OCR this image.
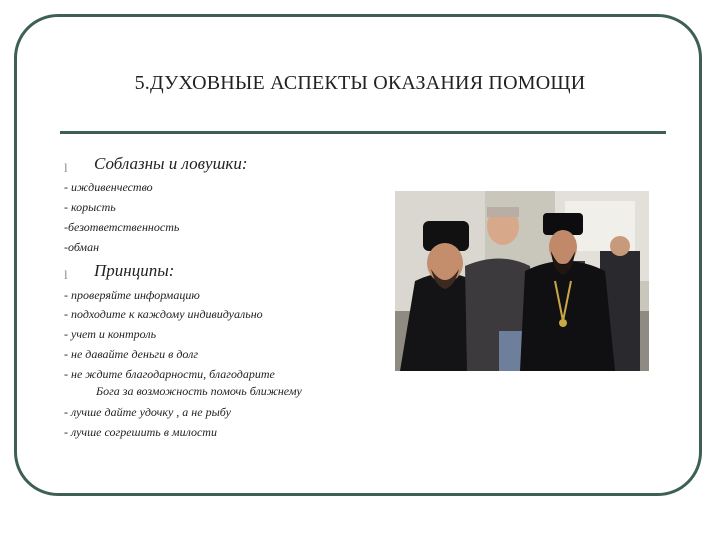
5.ДУХОВНЫЕ АСПЕКТЫ ОКАЗАНИЯ ПОМОЩИ
l Соблазны и ловушки:
- иждивенчество
- корысть
-безответственность
-обман
l Принципы:
- проверяйте информацию
- подходите к каждому индивидуально
- учет и контроль
- не давайте деньги в долг
- не ждите благодарности, благодарите
Бога за возможность помочь ближнему
- лучше дайте удочку , а не рыбу
- лучше согрешить в милости
